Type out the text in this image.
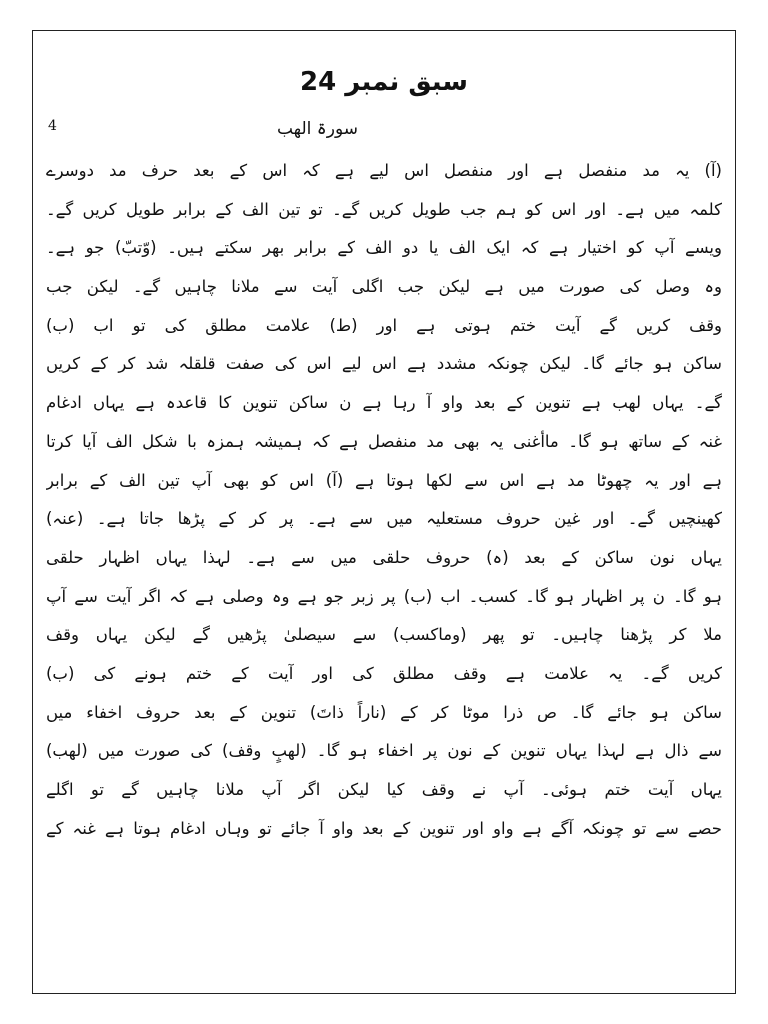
سبق نمبر 24
سورۃ الهب
4
(آ) یہ مد منفصل ہے اور منفصل اس لیے ہے کہ اس کے بعد حرف مد دوسرے
کلمہ میں ہے۔ اور اس کو ہم جب طویل کریں گے۔ تو تین الف کے برابر طویل کریں گے۔
ویسے آپ کو اختیار ہے کہ ایک الف یا دو الف کے برابر بھر سکتے ہیں۔ (وّتبّ) جو ہے۔
وہ وصل کی صورت میں ہے لیکن جب اگلی آیت سے ملانا چاہیں گے۔ لیکن جب
وقف کریں گے آیت ختم ہوتی ہے اور (ط) علامت مطلق کی تو اب (ب)
ساکن ہو جائے گا۔ لیکن چونکہ مشدد ہے اس لیے اس کی صفت قلقلہ شد کر کے کریں
گے۔ یہاں لھب ہے تنوین کے بعد واو آ رہا ہے ن ساکن تنوین کا قاعدہ ہے یہاں ادغام
غنہ کے ساتھ ہو گا۔ ماأغنی یہ بھی مد منفصل ہے کہ ہمیشہ ہمزہ با شکل الف آیا کرتا
ہے اور یہ چھوٹا مد ہے اس سے لکھا ہوتا ہے (آ) اس کو بھی آپ تین الف کے برابر
کھینچیں گے۔ اور غین حروف مستعلیہ میں سے ہے۔ پر کر کے پڑھا جاتا ہے۔ (عنہ)
یہاں نون ساکن کے بعد (ہ) حروف حلقی میں سے ہے۔ لہذا یہاں اظہار حلقی
ہو گا۔ ن پر اظہار ہو گا۔ کسب۔ اب (ب) پر زبر جو ہے وہ وصلی ہے کہ اگر آیت سے آپ
ملا کر پڑھنا چاہیں۔ تو پھر (وماکسب) سے سیصلیٰ پڑھیں گے لیکن یہاں وقف
کریں گے۔ یہ علامت ہے وقف مطلق کی اور آیت کے ختم ہونے کی (ب)
ساکن ہو جائے گا۔ ص ذرا موٹا کر کے (ناراً ذاتَ) تنوین کے بعد حروف اخفاء میں
سے ذال ہے لہذا یہاں تنوین کے نون پر اخفاء ہو گا۔ (لھبٍ وقف) کی صورت میں (لھب)
یہاں آیت ختم ہوئی۔ آپ نے وقف کیا لیکن اگر آپ ملانا چاہیں گے تو اگلے
حصے سے تو چونکہ آگے ہے واو اور تنوین کے بعد واو آ جائے تو وہاں ادغام ہوتا ہے غنہ کے
